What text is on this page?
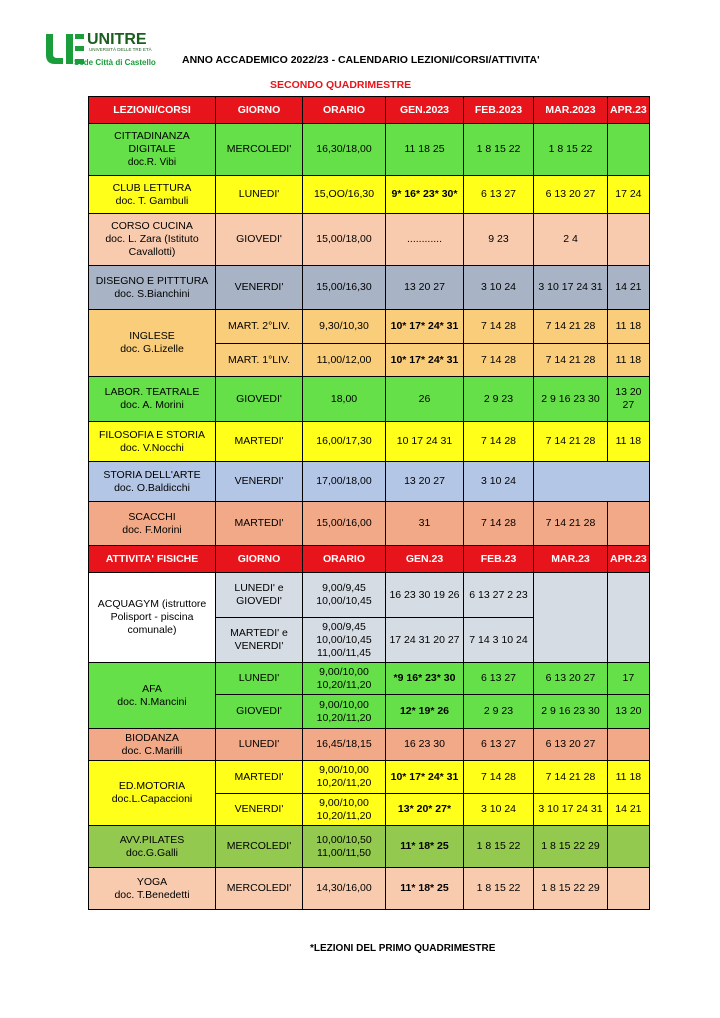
UNITRE
UNIVERSITÀ DELLE TRE ETÀ
Sede Città di Castello ANNO ACCADEMICO 2022/23 - CALENDARIO LEZIONI/CORSI/ATTIVITA'
SECONDO QUADRIMESTRE
LEZIONI/CORSI	GIORNO	ORARIO	GEN.2023	FEB.2023	MAR.2023	APR.23
CITTADINANZA DIGITALE
doc.R. Vibi	MERCOLEDI'	16,30/18,00	11 18 25	1 8 15 22	1 8 15 22	
CLUB LETTURA
doc. T. Gambuli	LUNEDI'	15,OO/16,30	9* 16* 23* 30*	6 13 27	6 13 20 27	17 24
CORSO CUCINA
doc. L. Zara (Istituto Cavallotti)	GIOVEDI'	15,00/18,00	............	9 23	2 4	
DISEGNO E PITTTURA
doc. S.Bianchini	VENERDI'	15,00/16,30	13 20 27	3 10 24	3 10 17 24 31	14 21
INGLESE
doc. G.Lizelle	MART. 2°LIV.	9,30/10,30	10* 17* 24* 31	7 14 28	7 14 21 28	11 18
	MART. 1°LIV.	11,00/12,00	10* 17* 24* 31	7 14 28	7 14 21 28	11 18
LABOR. TEATRALE
doc. A. Morini	GIOVEDI'	18,00	26	2 9 23	2 9 16 23 30	13 20 27
FILOSOFIA E STORIA
doc. V.Nocchi	MARTEDI'	16,00/17,30	10 17 24 31	7 14 28	7 14 21 28	11 18
STORIA DELL'ARTE
doc. O.Baldicchi	VENERDI'	17,00/18,00	13 20 27	3 10 24		
SCACCHI
doc. F.Morini	MARTEDI'	15,00/16,00	31	7 14 28	7 14 21 28	
ATTIVITA' FISICHE	GIORNO	ORARIO	GEN.23	FEB.23	MAR.23	APR.23
ACQUAGYM (istruttore Polisport - piscina comunale)	LUNEDI' e GIOVEDI'	9,00/9,45 10,00/10,45	16 23 30 19 26	6 13 27 2 23		
	MARTEDI' e VENERDI'	9,00/9,45 10,00/10,45 11,00/11,45	17 24 31 20 27	7 14 3 10 24		
AFA
doc. N.Mancini	LUNEDI'	9,00/10,00 10,20/11,20	*9 16* 23* 30	6 13 27	6 13 20 27	17
	GIOVEDI'	9,00/10,00 10,20/11,20	12* 19* 26	2 9 23	2 9 16 23 30	13 20
BIODANZA
doc. C.Marilli	LUNEDI'	16,45/18,15	16 23 30	6 13 27	6 13 20 27	
ED.MOTORIA
doc.L.Capaccioni	MARTEDI'	9,00/10,00 10,20/11,20	10* 17* 24* 31	7 14 28	7 14 21 28	11 18
	VENERDI'	9,00/10,00 10,20/11,20	13* 20* 27*	3 10 24	3 10 17 24 31	14 21
AVV.PILATES
doc.G.Galli	MERCOLEDI'	10,00/10,50 11,00/11,50	11* 18* 25	1 8 15 22	1 8 15 22 29	
YOGA
doc. T.Benedetti	MERCOLEDI'	14,30/16,00	11* 18* 25	1 8 15 22	1 8 15 22 29	
*LEZIONI DEL PRIMO QUADRIMESTRE
